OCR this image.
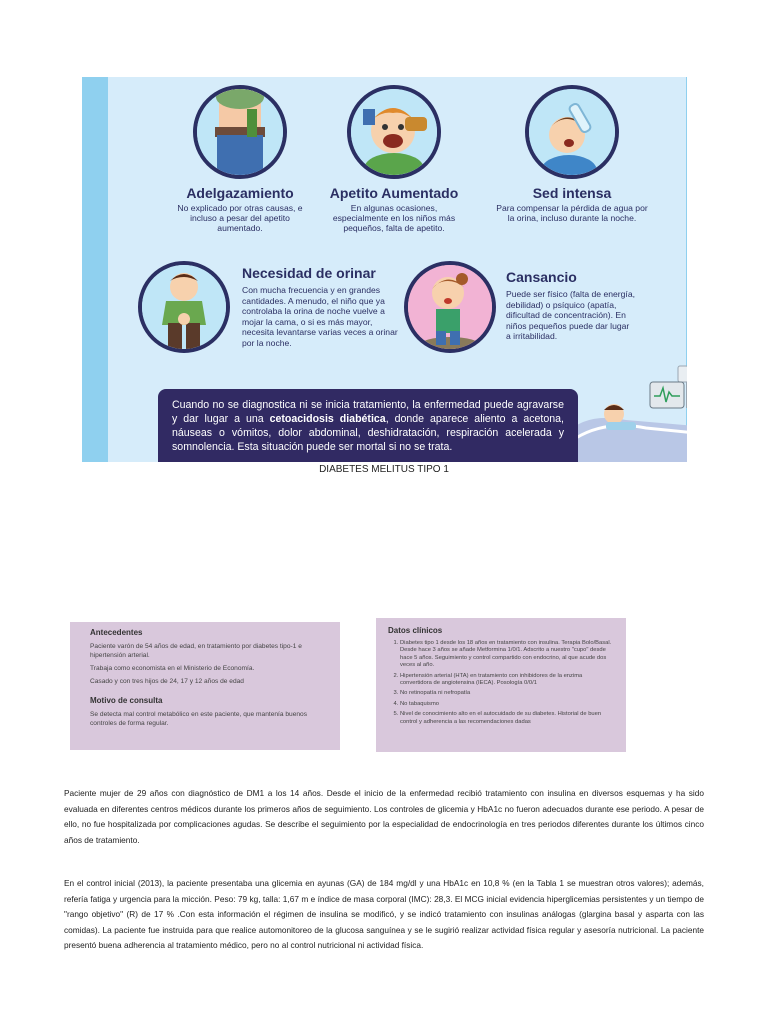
Adelgazamiento

No explicado por otras causas, e incluso a pesar del apetito aumentado.

Apetito Aumentado

En algunas ocasiones, especialmente en los niños más pequeños, falta de apetito.

Sed intensa

Para compensar la pérdida de agua por la orina, incluso durante la noche.

Necesidad de orinar

Con mucha frecuencia y en grandes cantidades. A menudo, el niño que ya controlaba la orina de noche vuelve a mojar la cama, o si es más mayor, necesita levantarse varias veces a orinar por la noche.

Cansancio

Puede ser físico (falta de energía, debilidad) o psíquico (apatía, dificultad de concentración). En niños pequeños puede dar lugar a irritabilidad.

Cuando no se diagnostica ni se inicia tratamiento, la enfermedad puede agravarse y dar lugar a una cetoacidosis diabética, donde aparece aliento a acetona, náuseas o vómitos, dolor abdominal, deshidratación, respiración acelerada y somnolencia. Esta situación puede ser mortal si no se trata.

DIABETES MELITUS TIPO 1
Antecedentes

Paciente varón de 54 años de edad, en tratamiento por diabetes tipo-1 e hipertensión arterial.

Trabaja como economista en el Ministerio de Economía.

Casado y con tres hijos de 24, 17 y 12 años de edad

Motivo de consulta

Se detecta mal control metabólico en este paciente, que mantenía buenos controles de forma regular.

Datos clínicos
1. Diabetes tipo 1 desde los 18 años en tratamiento con insulina. Terapia Bolo/Basal. Desde hace 3 años se añade Metformina 1/0/1. Adscrito a nuestro "cupo" desde hace 5 años. Seguimiento y control compartido con endocrino, al que acude dos veces al año.
2. Hipertensión arterial (HTA) en tratamiento con inhibidores de la enzima convertidora de angiotensina (IECA). Posología 0/0/1
3. No retinopatía ni nefropatía
4. No tabaquismo
5. Nivel de conocimiento alto en el autocuidado de su diabetes. Historial de buen control y adherencia a las recomendaciones dadas
Paciente mujer de 29 años con diagnóstico de DM1 a los 14 años. Desde el inicio de la enfermedad recibió tratamiento con insulina en diversos esquemas y ha sido evaluada en diferentes centros médicos durante los primeros años de seguimiento. Los controles de glicemia y HbA1c no fueron adecuados durante ese periodo. A pesar de ello, no fue hospitalizada por complicaciones agudas. Se describe el seguimiento por la especialidad de endocrinología en tres periodos diferentes durante los últimos cinco años de tratamiento.
En el control inicial (2013), la paciente presentaba una glicemia en ayunas (GA) de 184 mg/dl y una HbA1c en 10,8 % (en la Tabla 1 se muestran otros valores); además, refería fatiga y urgencia para la micción. Peso: 79 kg, talla: 1,67 m e índice de masa corporal (IMC): 28,3. El MCG inicial evidencia hiperglicemias persistentes y un tiempo de "rango objetivo" (R) de 17 % .Con esta información el régimen de insulina se modificó, y se indicó tratamiento con insulinas análogas (glargina basal y asparta con las comidas). La paciente fue instruida para que realice automonitoreo de la glucosa sanguínea y se le sugirió realizar actividad física regular y asesoría nutricional. La paciente presentó buena adherencia al tratamiento médico, pero no al control nutricional ni actividad física.
